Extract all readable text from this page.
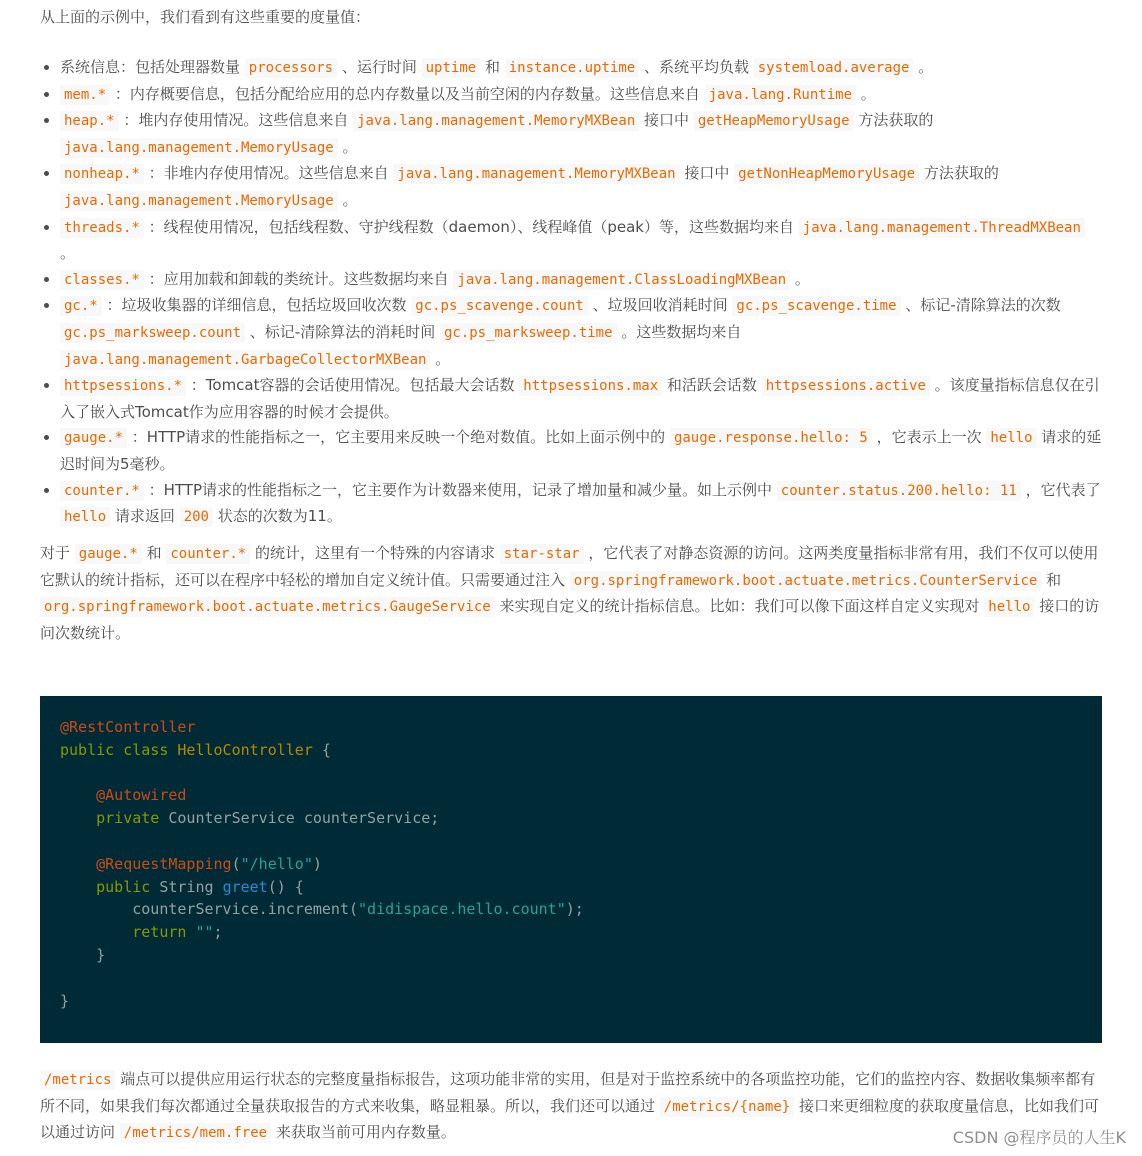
从上面的示例中，我们看到有这些重要的度量值：

系统信息：包括处理器数量 processors 、运行时间 uptime 和 instance.uptime 、系统平均负载 systemload.average 。
mem.* ：内存概要信息，包括分配给应用的总内存数量以及当前空闲的内存数量。这些信息来自 java.lang.Runtime 。
heap.* ：堆内存使用情况。这些信息来自 java.lang.management.MemoryMXBean 接口中 getHeapMemoryUsage 方法获取的 java.lang.management.MemoryUsage 。
nonheap.* ：非堆内存使用情况。这些信息来自 java.lang.management.MemoryMXBean 接口中 getNonHeapMemoryUsage 方法获取的 java.lang.management.MemoryUsage 。
threads.* ：线程使用情况，包括线程数、守护线程数（daemon）、线程峰值（peak）等，这些数据均来自 java.lang.management.ThreadMXBean 。
classes.* ：应用加载和卸载的类统计。这些数据均来自 java.lang.management.ClassLoadingMXBean 。
gc.* ：垃圾收集器的详细信息，包括垃圾回收次数 gc.ps_scavenge.count 、垃圾回收消耗时间 gc.ps_scavenge.time 、标记-清除算法的次数 gc.ps_marksweep.count 、标记-清除算法的消耗时间 gc.ps_marksweep.time 。这些数据均来自 java.lang.management.GarbageCollectorMXBean 。
httpsessions.* ：Tomcat容器的会话使用情况。包括最大会话数 httpsessions.max 和活跃会话数 httpsessions.active 。该度量指标信息仅在引入了嵌入式Tomcat作为应用容器的时候才会提供。
gauge.* ：HTTP请求的性能指标之一，它主要用来反映一个绝对数值。比如上面示例中的 gauge.response.hello: 5 ，它表示上一次 hello 请求的延迟时间为5毫秒。
counter.* ：HTTP请求的性能指标之一，它主要作为计数器来使用，记录了增加量和减少量。如上示例中 counter.status.200.hello: 11 ，它代表了 hello 请求返回 200 状态的次数为11。

对于 gauge.* 和 counter.* 的统计，这里有一个特殊的内容请求 star-star ，它代表了对静态资源的访问。这两类度量指标非常有用，我们不仅可以使用它默认的统计指标，还可以在程序中轻松的增加自定义统计值。只需要通过注入 org.springframework.boot.actuate.metrics.CounterService 和 org.springframework.boot.actuate.metrics.GaugeService 来实现自定义的统计指标信息。比如：我们可以像下面这样自定义实现对 hello 接口的访问次数统计。

@RestController
public class HelloController {

@Autowired
private CounterService counterService;

@RequestMapping("/hello")
public String greet() {
counterService.increment("didispace.hello.count");
return "";
}

}

/metrics 端点可以提供应用运行状态的完整度量指标报告，这项功能非常的实用，但是对于监控系统中的各项监控功能，它们的监控内容、数据收集频率都有所不同，如果我们每次都通过全量获取报告的方式来收集，略显粗暴。所以，我们还可以通过 /metrics/{name} 接口来更细粒度的获取度量信息，比如我们可以通过访问 /metrics/mem.free 来获取当前可用内存数量。	CSDN @程序员的人生K
